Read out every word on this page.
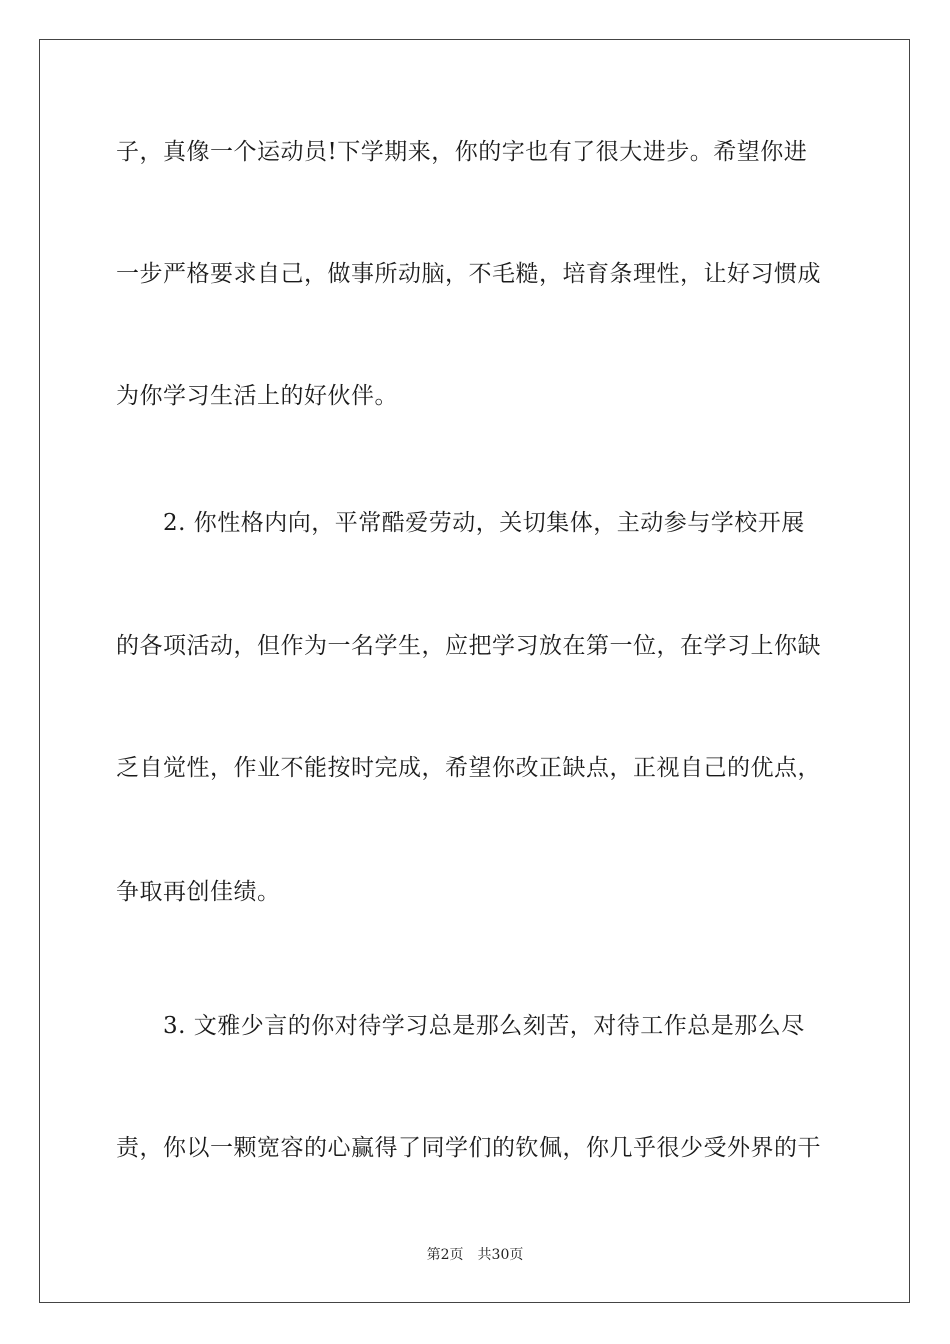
子，真像一个运动员!下学期来，你的字也有了很大进步。希望你进
一步严格要求自己，做事所动脑，不毛糙，培育条理性，让好习惯成
为你学习生活上的好伙伴。
2. 你性格内向，平常酷爱劳动，关切集体，主动参与学校开展
的各项活动，但作为一名学生，应把学习放在第一位，在学习上你缺
乏自觉性，作业不能按时完成，希望你改正缺点，正视自己的优点，
争取再创佳绩。
3. 文雅少言的你对待学习总是那么刻苦，对待工作总是那么尽
责，你以一颗宽容的心赢得了同学们的钦佩，你几乎很少受外界的干
第2页 共30页
